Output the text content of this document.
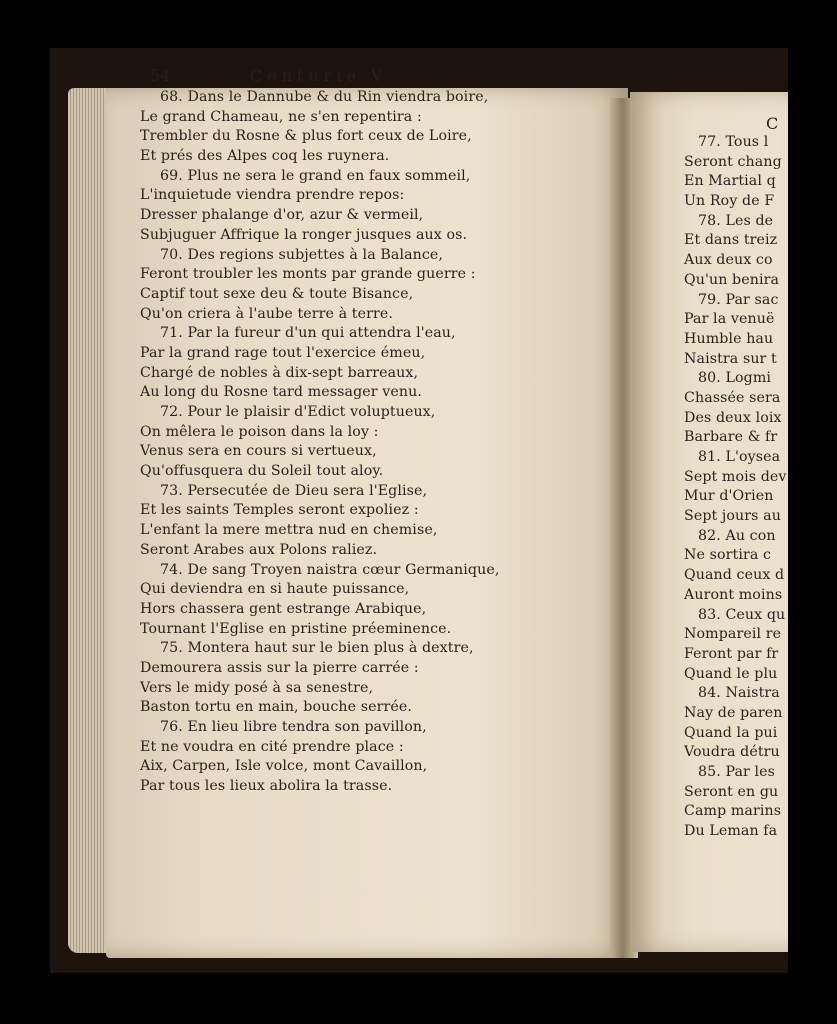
C
54	Centurie V.
68. Dans le Dannube & du Rin viendra boire,
Le grand Chameau, ne s'en repentira :
Trembler du Rosne & plus fort ceux de Loire,
Et prés des Alpes coq les ruynera.
69. Plus ne sera le grand en faux sommeil,
L'inquietude viendra prendre repos:
Dresser phalange d'or, azur & vermeil,
Subjuguer Affrique la ronger jusques aux os.
70. Des regions subjettes à la Balance,
Feront troubler les monts par grande guerre :
Captif tout sexe deu & toute Bisance,
Qu'on criera à l'aube terre à terre.
71. Par la fureur d'un qui attendra l'eau,
Par la grand rage tout l'exercice émeu,
Chargé de nobles à dix-sept barreaux,
Au long du Rosne tard messager venu.
72. Pour le plaisir d'Edict voluptueux,
On mêlera le poison dans la loy :
Venus sera en cours si vertueux,
Qu'offusquera du Soleil tout aloy.
73. Persecutée de Dieu sera l'Eglise,
Et les saints Temples seront expoliez :
L'enfant la mere mettra nud en chemise,
Seront Arabes aux Polons raliez.
74. De sang Troyen naistra cœur Germanique,
Qui deviendra en si haute puissance,
Hors chassera gent estrange Arabique,
Tournant l'Eglise en pristine préeminence.
75. Montera haut sur le bien plus à dextre,
Demourera assis sur la pierre carrée :
Vers le midy posé à sa senestre,
Baston tortu en main, bouche serrée.
76. En lieu libre tendra son pavillon,
Et ne voudra en cité prendre place :
Aix, Carpen, Isle volce, mont Cavaillon,
Par tous les lieux abolira la trasse.
77. Tous l
Seront chang
En Martial q
Un Roy de F
78. Les de
Et dans treiz
Aux deux co
Qu'un benira
79. Par sac
Par la venuë
Humble hau
Naistra sur t
80. Logmi
Chassée sera
Des deux loix
Barbare & fr
81. L'oysea
Sept mois dev
Mur d'Orien
Sept jours au
82. Au con
Ne sortira c
Quand ceux d
Auront moins
83. Ceux qu
Nompareil re
Feront par fr
Quand le plu
84. Naistra
Nay de paren
Quand la pui
Voudra détru
85. Par les
Seront en gu
Camp marins
Du Leman fa
